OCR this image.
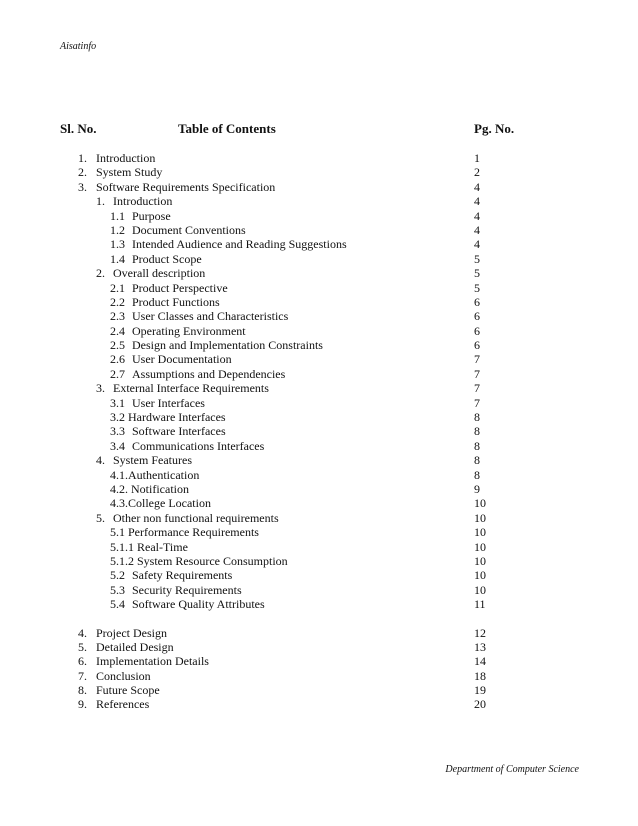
Aisatinfo
Sl. No.	Table of Contents	Pg. No.
1. Introduction	1
2. System Study	2
3. Software Requirements Specification	4
1. Introduction	4
1.1 Purpose	4
1.2 Document Conventions	4
1.3 Intended Audience and Reading Suggestions	4
1.4 Product Scope	5
2. Overall description	5
2.1 Product Perspective	5
2.2 Product Functions	6
2.3 User Classes and Characteristics	6
2.4 Operating Environment	6
2.5 Design and Implementation Constraints	6
2.6 User Documentation	7
2.7 Assumptions and Dependencies	7
3. External Interface Requirements	7
3.1 User Interfaces	7
3.2 Hardware Interfaces	8
3.3 Software Interfaces	8
3.4 Communications Interfaces	8
4. System Features	8
4.1.Authentication	8
4.2. Notification	9
4.3.College Location	10
5. Other non functional requirements	10
5.1 Performance Requirements	10
5.1.1 Real-Time	10
5.1.2 System Resource Consumption	10
5.2 Safety Requirements	10
5.3 Security Requirements	10
5.4 Software Quality Attributes	11
4. Project Design	12
5. Detailed Design	13
6. Implementation Details	14
7. Conclusion	18
8. Future Scope	19
9. References	20
Department of Computer Science
